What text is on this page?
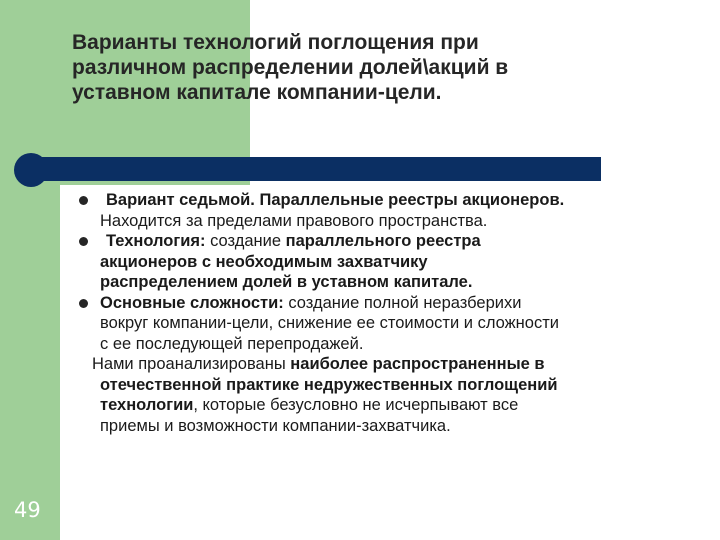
Варианты технологий поглощения при
различном распределении долей\акций в
уставном капитале компании-цели.
Вариант седьмой. Параллельные реестры акционеров.
Находится за пределами правового пространства.
Технология: создание параллельного реестра
акционеров с необходимым захватчику
распределением долей в уставном капитале.
Основные сложности: создание полной неразберихи
вокруг компании-цели, снижение ее стоимости и сложности
с ее последующей перепродажей.
Нами проанализированы наиболее распространенные в
отечественной практике недружественных поглощений
технологии, которые безусловно не исчерпывают все
приемы и возможности компании-захватчика.
49
